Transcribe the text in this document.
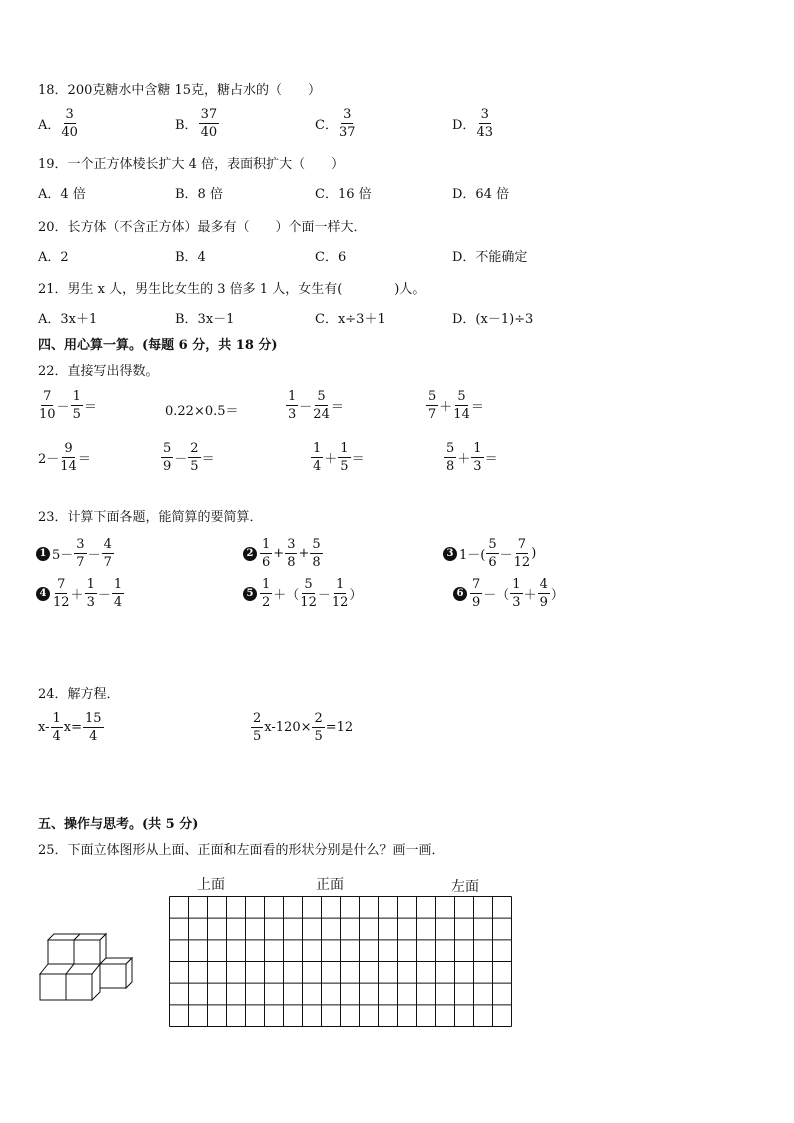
18．200克糖水中含糖 15克，糖占水的（　　）
A． $\frac{3}{40}$	B． $\frac{37}{40}$	C． $\frac{3}{37}$	D． $\frac{3}{43}$
19．一个正方体棱长扩大 4 倍，表面积扩大（　　）
A．4 倍	B．8 倍	C．16 倍	D．64 倍
20．长方体（不含正方体）最多有（　　）个面一样大．
A．2	B．4	C．6	D．不能确定
21．男生 x 人，男生比女生的 3 倍多 1 人，女生有(　　　　)人。
A．3x＋1	B．3x－1	C．x÷3＋1	D．(x－1)÷3
四、用心算一算。(每题 6 分，共 18 分)
22．直接写出得数。
$\frac{7}{10} - \frac{1}{5}$ ＝	0.22×0.5＝	$\frac{1}{3} - \frac{5}{24}$ ＝	$\frac{5}{7} + \frac{5}{14}$ ＝
$2- \frac{9}{14}$ ＝	$\frac{5}{9} - \frac{2}{5}$ ＝	$\frac{1}{4} + \frac{1}{5}$ ＝	$\frac{5}{8} + \frac{1}{3}$ ＝
23．计算下面各题，能简算的要简算．
1 $5- \frac{3}{7} - \frac{4}{7}$	$2 \frac{1}{6} + \frac{3}{8} + \frac{5}{8}$	3 $1-( \frac{5}{6} - \frac{7}{12}$ )
$4 \frac{7}{12} + \frac{1}{3} - \frac{1}{4}$	$5 \frac{1}{2}$ ＋（ $\frac{5}{12} - \frac{1}{12}$ ）	$6 \frac{7}{9}$ －（ $\frac{1}{3} + \frac{4}{9}$ ）
24．解方程．
$x- \frac{1}{4} x= \frac{15}{4}$	$\frac{2}{5} x-120\times \frac{2}{5} =12$
五、操作与思考。(共 5 分)
25．下面立体图形从上面、正面和左面看的形状分别是什么？画一画．
上面	正面	左面
